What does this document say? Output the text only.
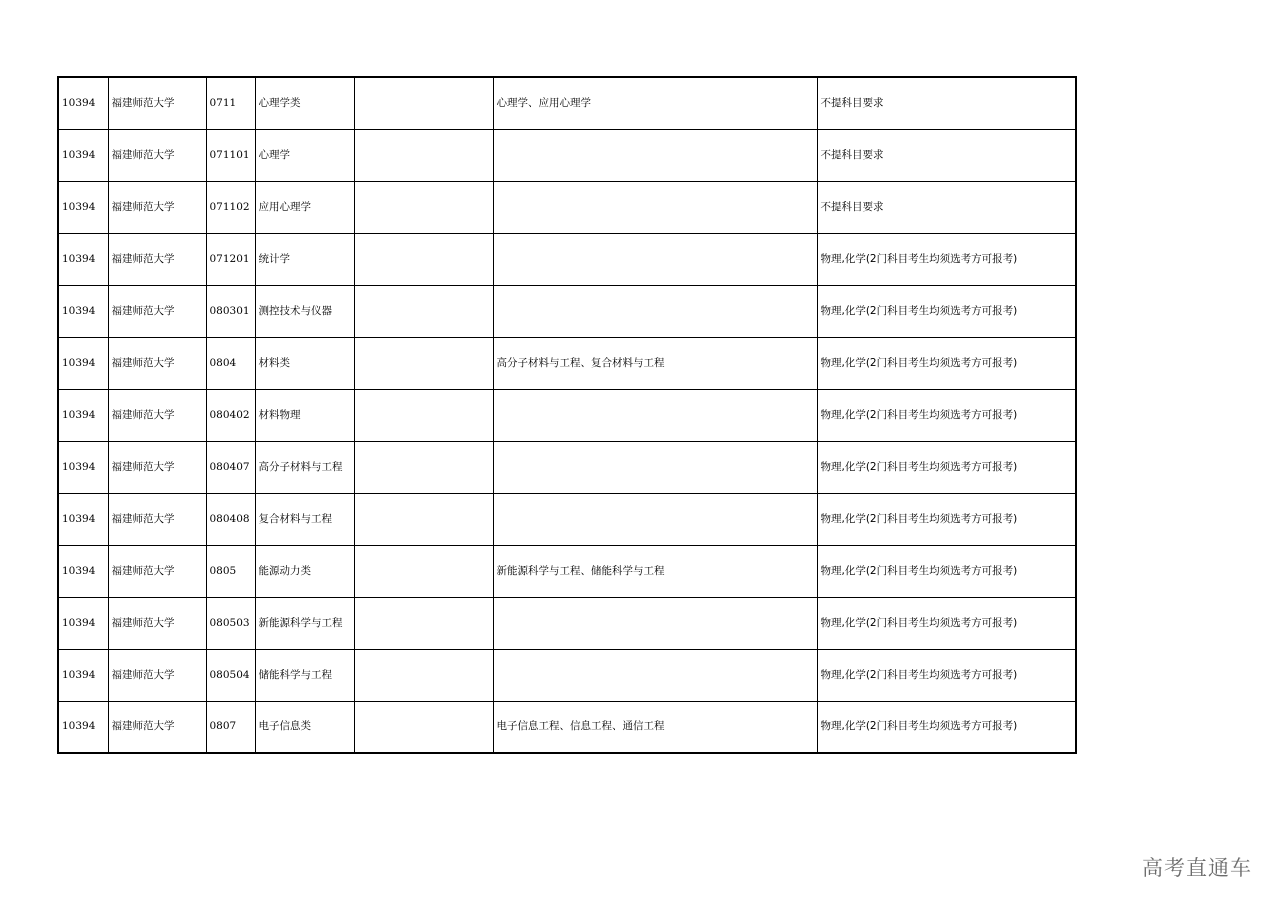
10394	福建师范大学	0711	心理学类		心理学、应用心理学	不提科目要求
10394	福建师范大学	071101	心理学			不提科目要求
10394	福建师范大学	071102	应用心理学			不提科目要求
10394	福建师范大学	071201	统计学			物理,化学(2门科目考生均须选考方可报考)
10394	福建师范大学	080301	测控技术与仪器			物理,化学(2门科目考生均须选考方可报考)
10394	福建师范大学	0804	材料类		高分子材料与工程、复合材料与工程	物理,化学(2门科目考生均须选考方可报考)
10394	福建师范大学	080402	材料物理			物理,化学(2门科目考生均须选考方可报考)
10394	福建师范大学	080407	高分子材料与工程			物理,化学(2门科目考生均须选考方可报考)
10394	福建师范大学	080408	复合材料与工程			物理,化学(2门科目考生均须选考方可报考)
10394	福建师范大学	0805	能源动力类		新能源科学与工程、储能科学与工程	物理,化学(2门科目考生均须选考方可报考)
10394	福建师范大学	080503	新能源科学与工程			物理,化学(2门科目考生均须选考方可报考)
10394	福建师范大学	080504	储能科学与工程			物理,化学(2门科目考生均须选考方可报考)
10394	福建师范大学	0807	电子信息类		电子信息工程、信息工程、通信工程	物理,化学(2门科目考生均须选考方可报考)
高考直通车
